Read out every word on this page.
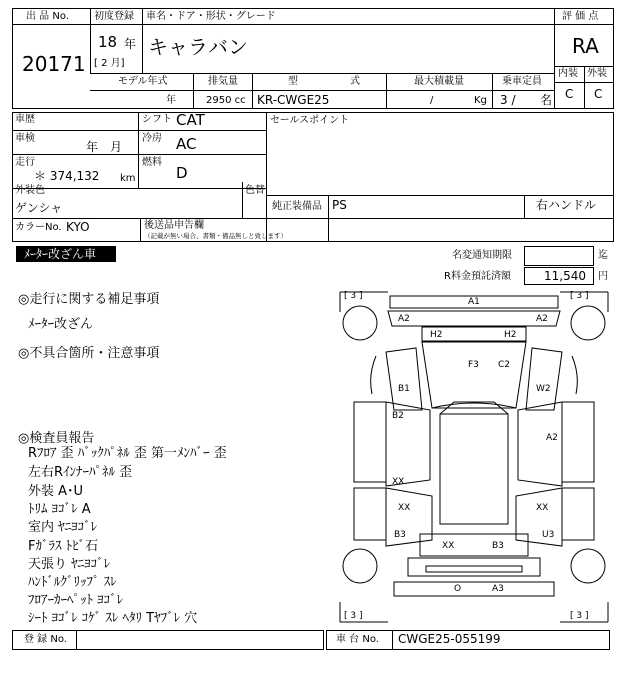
出 品 No.
20171
初度登録
18 年
[ 2 月]
車名・ドア・形状・グレード
キャラバン
評 価 点
RA
内装 外装
C C
モデル年式
年
排気量
2950 cc
型	式
KR-CWGE25
最大積載量
/	Kg
乗車定員
3 / 名
車歴
車検
年　月
走行
＊ 374,132 km
シフト CAT
冷房 AC
燃料
D
セールスポイント
外装色
ゲンシャ
色替
純正装備品 PS	右ハンドル
カラーNo. KYO	後送品申告欄
（記載が無い場合、書類・備品無しと致します）
ﾒｰﾀｰ改ざん車	名変通知期限	迄
R料金預託済額	11,540 円
◎走行に関する補足事項
ﾒｰﾀｰ改ざん
◎不具合箇所・注意事項
◎検査員報告
Rﾌﾛｱ 歪 ﾊﾞｯｸﾊﾟﾈﾙ 歪 第一ﾒﾝﾊﾞｰ 歪
左右Rｲﾝﾅｰﾊﾟﾈﾙ 歪
外装 A･U
ﾄﾘﾑ ﾖｺﾞﾚ A
室内 ﾔﾆﾖｺﾞﾚ
Fｶﾞﾗｽ ﾄﾋﾞ石
天張り ﾔﾆﾖｺﾞﾚ
ﾊﾝﾄﾞﾙｸﾞﾘｯﾌﾟ ｽﾚ
ﾌﾛｱｰｶｰﾍﾟｯﾄ ﾖｺﾞﾚ
ｼｰﾄ ﾖｺﾞﾚ ｺｹﾞ ｽﾚ ﾍﾀﾘ Tﾔﾌﾞﾚ 穴
[ 3 ]	[ 3 ]
[ 3 ]	[ 3 ]
A1
A2	A2
H2	H2
F3 C2
B1	W2
B2
A2
XX
XX	XX
B3	U3
XX	B3
O	A3
登 録 No.	車 台 No. CWGE25-055199
